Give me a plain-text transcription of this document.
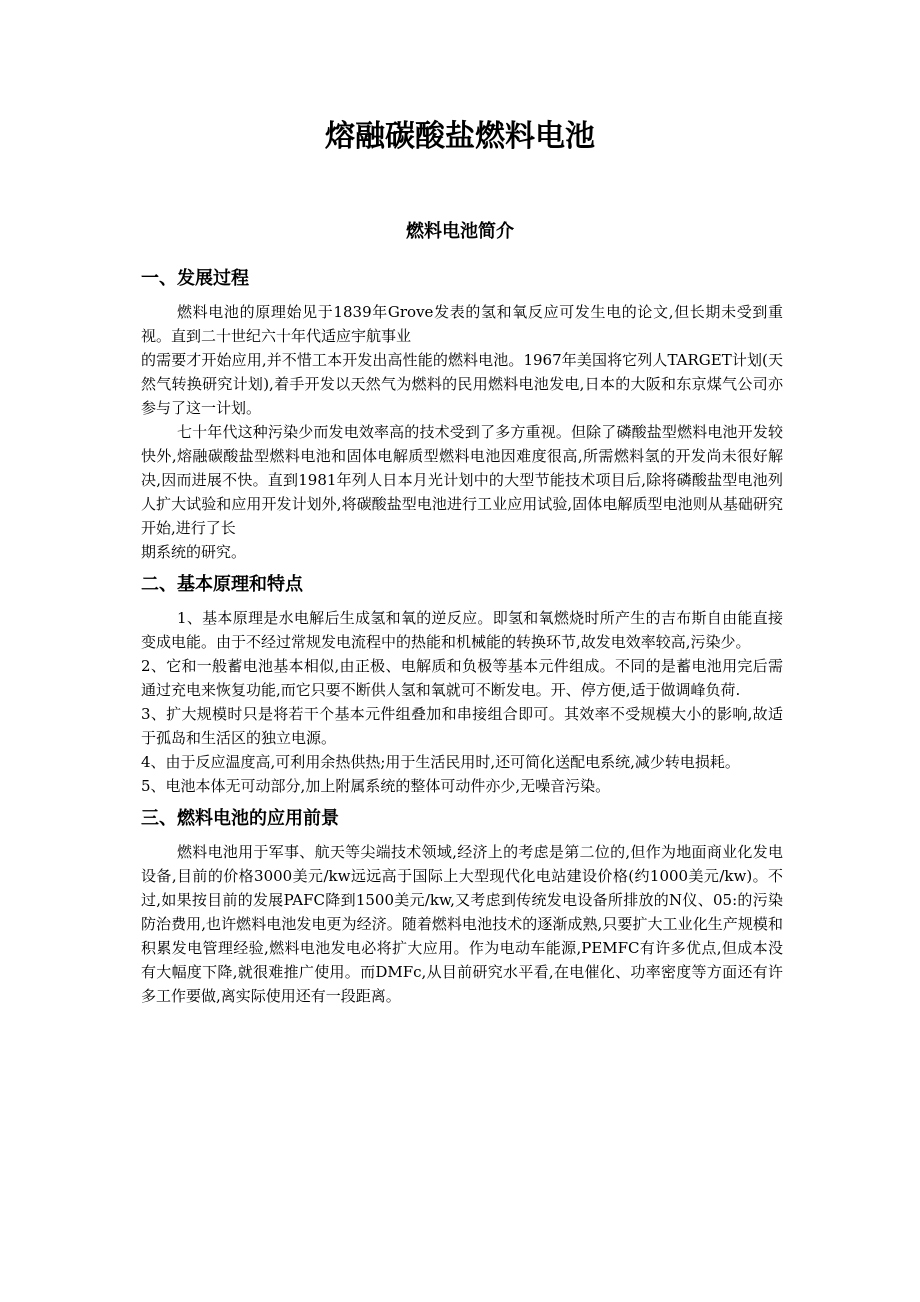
熔融碳酸盐燃料电池
燃料电池简介
一、发展过程

燃料电池的原理始见于1839年Grove发表的氢和氧反应可发生电的论文,但长期未受到重视。直到二十世纪六十年代适应宇航事业

的需要才开始应用,并不惜工本开发出高性能的燃料电池。1967年美国将它列人TARGET计划(天然气转换研究计划),着手开发以天然气为燃料的民用燃料电池发电,日本的大阪和东京煤气公司亦参与了这一计划。

七十年代这种污染少而发电效率高的技术受到了多方重视。但除了磷酸盐型燃料电池开发较快外,熔融碳酸盐型燃料电池和固体电解质型燃料电池因难度很高,所需燃料氢的开发尚未很好解决,因而进展不快。直到1981年列人日本月光计划中的大型节能技术项目后,除将磷酸盐型电池列人扩大试验和应用开发计划外,将碳酸盐型电池进行工业应用试验,固体电解质型电池则从基础研究开始,进行了长

期系统的研究。

二、基本原理和特点

1、基本原理是水电解后生成氢和氧的逆反应。即氢和氧燃烧时所产生的吉布斯自由能直接变成电能。由于不经过常规发电流程中的热能和机械能的转换环节,故发电效率较高,污染少。

2、它和一般蓄电池基本相似,由正极、电解质和负极等基本元件组成。不同的是蓄电池用完后需通过充电来恢复功能,而它只要不断供人氢和氧就可不断发电。开、停方便,适于做调峰负荷.

3、扩大规模时只是将若干个基本元件组叠加和串接组合即可。其效率不受规模大小的影响,故适于孤岛和生活区的独立电源。

4、由于反应温度高,可利用余热供热;用于生活民用时,还可简化送配电系统,减少转电损耗。

5、电池本体无可动部分,加上附属系统的整体可动件亦少,无噪音污染。

三、燃料电池的应用前景

燃料电池用于军事、航天等尖端技术领域,经济上的考虑是第二位的,但作为地面商业化发电设备,目前的价格3000美元/kw远远高于国际上大型现代化电站建设价格(约1000美元/kw)。不过,如果按目前的发展PAFC降到1500美元/kw,又考虑到传统发电设备所排放的N仪、05:的污染防治费用,也许燃料电池发电更为经济。随着燃料电池技术的逐渐成熟,只要扩大工业化生产规模和积累发电管理经验,燃料电池发电必将扩大应用。作为电动车能源,PEMFC有许多优点,但成本没有大幅度下降,就很难推广使用。而DMFc,从目前研究水平看,在电催化、功率密度等方面还有许多工作要做,离实际使用还有一段距离。
